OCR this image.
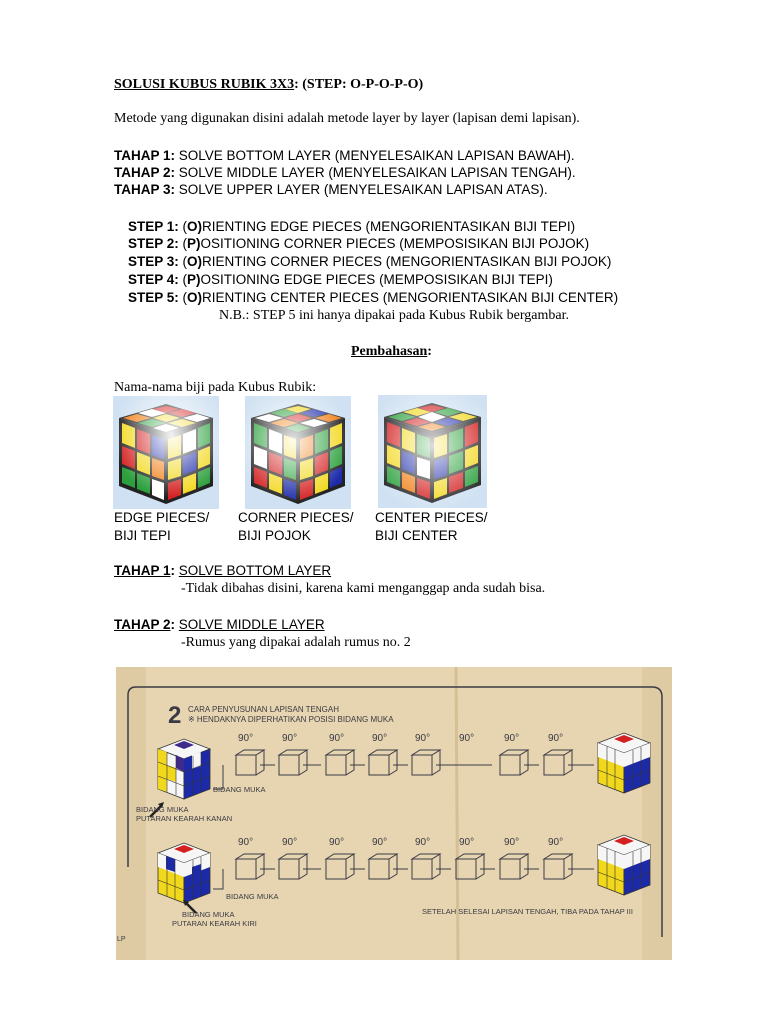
SOLUSI KUBUS RUBIK 3X3: (STEP: O-P-O-P-O)
Metode yang digunakan disini adalah metode layer by layer (lapisan demi lapisan).
TAHAP 1: SOLVE BOTTOM LAYER (MENYELESAIKAN LAPISAN BAWAH).
TAHAP 2: SOLVE MIDDLE LAYER (MENYELESAIKAN LAPISAN TENGAH).
TAHAP 3: SOLVE UPPER LAYER (MENYELESAIKAN LAPISAN ATAS).
STEP 1: (O)RIENTING EDGE PIECES (MENGORIENTASIKAN BIJI TEPI)
STEP 2: (P)OSITIONING CORNER PIECES (MEMPOSISIKAN BIJI POJOK)
STEP 3: (O)RIENTING CORNER PIECES (MENGORIENTASIKAN BIJI POJOK)
STEP 4: (P)OSITIONING EDGE PIECES (MEMPOSISIKAN BIJI TEPI)
STEP 5: (O)RIENTING CENTER PIECES (MENGORIENTASIKAN BIJI CENTER)
N.B.: STEP 5 ini hanya dipakai pada Kubus Rubik bergambar.
Pembahasan:
Nama-nama biji pada Kubus Rubik:
EDGE PIECES/
BIJI TEPI
CORNER PIECES/
BIJI POJOK
CENTER PIECES/
BIJI CENTER
TAHAP 1: SOLVE BOTTOM LAYER
-Tidak dibahas disini, karena kami menganggap anda sudah bisa.
TAHAP 2: SOLVE MIDDLE LAYER
-Rumus yang dipakai adalah rumus no. 2
2 CARA PENYUSUNAN LAPISAN TENGAH
※ HENDAKNYA DIPERHATIKAN POSISI BIDANG MUKA
90°	90°	90°	90°	90°	90°	90°	90°
BIDANG MUKA
BIDANG MUKA
PUTARAN KEARAH KANAN
90°	90°	90°	90°	90°	90°	90°	90°
BIDANG MUKA
BIDANG MUKA
PUTARAN KEARAH KIRI
SETELAH SELESAI LAPISAN TENGAH, TIBA PADA TAHAP III
LP
